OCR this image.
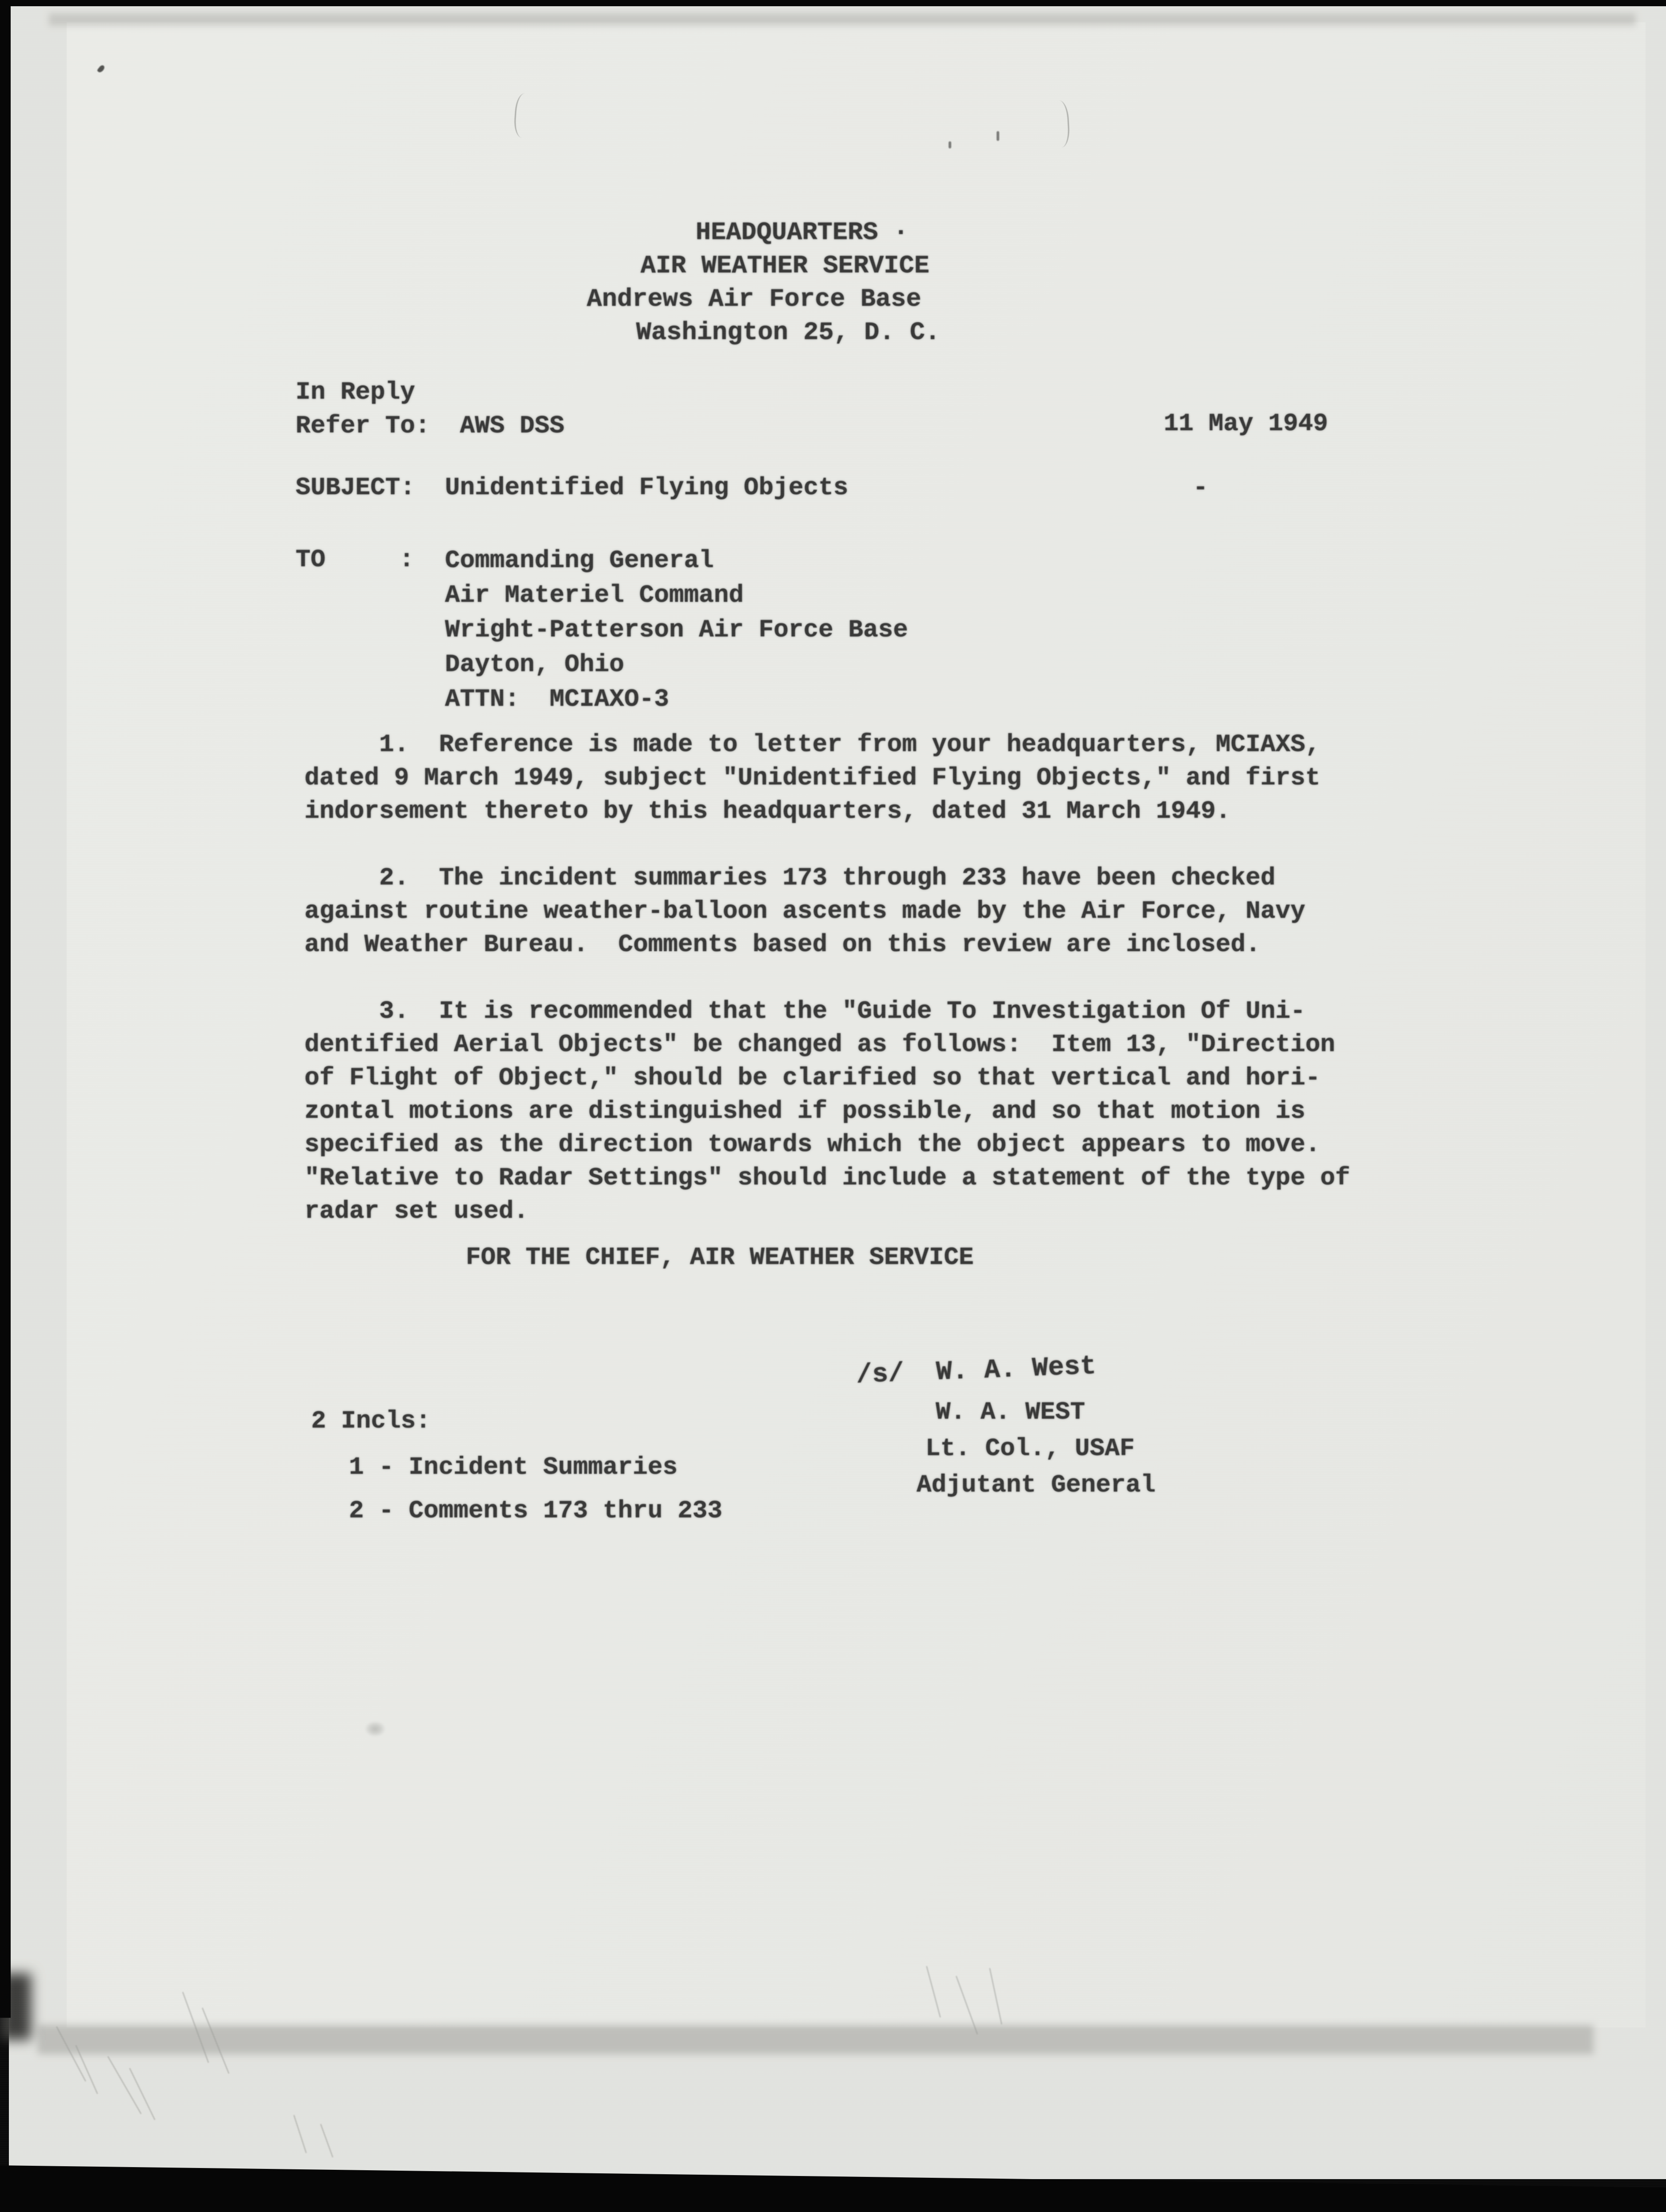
HEADQUARTERS ·
AIR WEATHER SERVICE
Andrews Air Force Base
Washington 25, D. C.
In Reply
Refer To:  AWS DSS	11 May 1949
SUBJECT:  Unidentified Flying Objects	-
TO	: Commanding General
Air Materiel Command
Wright-Patterson Air Force Base
Dayton, Ohio
ATTN:  MCIAXO-3
1.  Reference is made to letter from your headquarters, MCIAXS,
dated 9 March 1949, subject "Unidentified Flying Objects," and first
indorsement thereto by this headquarters, dated 31 March 1949.
2.  The incident summaries 173 through 233 have been checked
against routine weather-balloon ascents made by the Air Force, Navy
and Weather Bureau.  Comments based on this review are inclosed.
3.  It is recommended that the "Guide To Investigation Of Uni-
dentified Aerial Objects" be changed as follows:  Item 13, "Direction
of Flight of Object," should be clarified so that vertical and hori-
zontal motions are distinguished if possible, and so that motion is
specified as the direction towards which the object appears to move.
"Relative to Radar Settings" should include a statement of the type of
radar set used.
FOR THE CHIEF, AIR WEATHER SERVICE
/s/  W. A. West
W. A. WEST
Lt. Col., USAF
Adjutant General
2 Incls:
1 - Incident Summaries
2 - Comments 173 thru 233
